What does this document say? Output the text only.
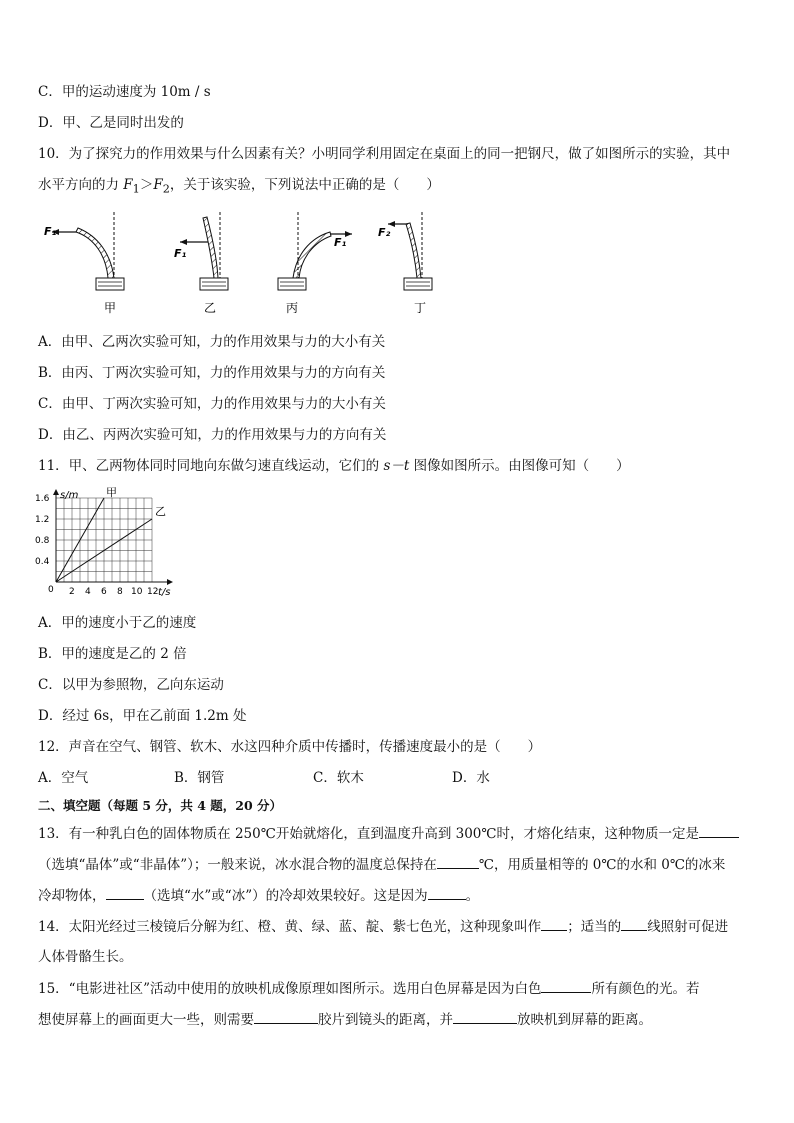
C．甲的运动速度为 10m / s
D．甲、乙是同时出发的
10．为了探究力的作用效果与什么因素有关？小明同学利用固定在桌面上的同一把钢尺，做了如图所示的实验，其中
水平方向的力 $F_1>F_2$，关于该实验，下列说法中正确的是（　　）
F₁
甲
F₁
乙
F₁
丙
F₂
丁
A．由甲、乙两次实验可知，力的作用效果与力的大小有关
B．由丙、丁两次实验可知，力的作用效果与力的方向有关
C．由甲、丁两次实验可知，力的作用效果与力的大小有关
D．由乙、丙两次实验可知，力的作用效果与力的方向有关
11．甲、乙两物体同时同地向东做匀速直线运动，它们的 s－t 图像如图所示。由图像可知（　　）
s/m
0
1.6
1.2
0.8
0.4
2 4 6 8 10 12
甲
乙
t/s
A．甲的速度小于乙的速度
B．甲的速度是乙的 2 倍
C．以甲为参照物，乙向东运动
D．经过 6s，甲在乙前面 1.2m 处
12．声音在空气、钢管、软木、水这四种介质中传播时，传播速度最小的是（　　）
A．空气	B．钢管	C．软木	D．水
二、填空题（每题 5 分，共 4 题，20 分）
13．有一种乳白色的固体物质在 250℃开始就熔化，直到温度升高到 300℃时，才熔化结束，这种物质一定是
（选填“晶体”或“非晶体”）；一般来说，冰水混合物的温度总保持在	℃，用质量相等的 0℃的水和 0℃的冰来
冷却物体，	（选填“水”或“冰”）的冷却效果较好。这是因为	。
14．太阳光经过三棱镜后分解为红、橙、黄、绿、蓝、靛、紫七色光，这种现象叫作 ；适当的 线照射可促进
人体骨骼生长。
15．“电影进社区”活动中使用的放映机成像原理如图所示。选用白色屏幕是因为白色	所有颜色的光。若
想使屏幕上的画面更大一些，则需要	胶片到镜头的距离，并	放映机到屏幕的距离。
